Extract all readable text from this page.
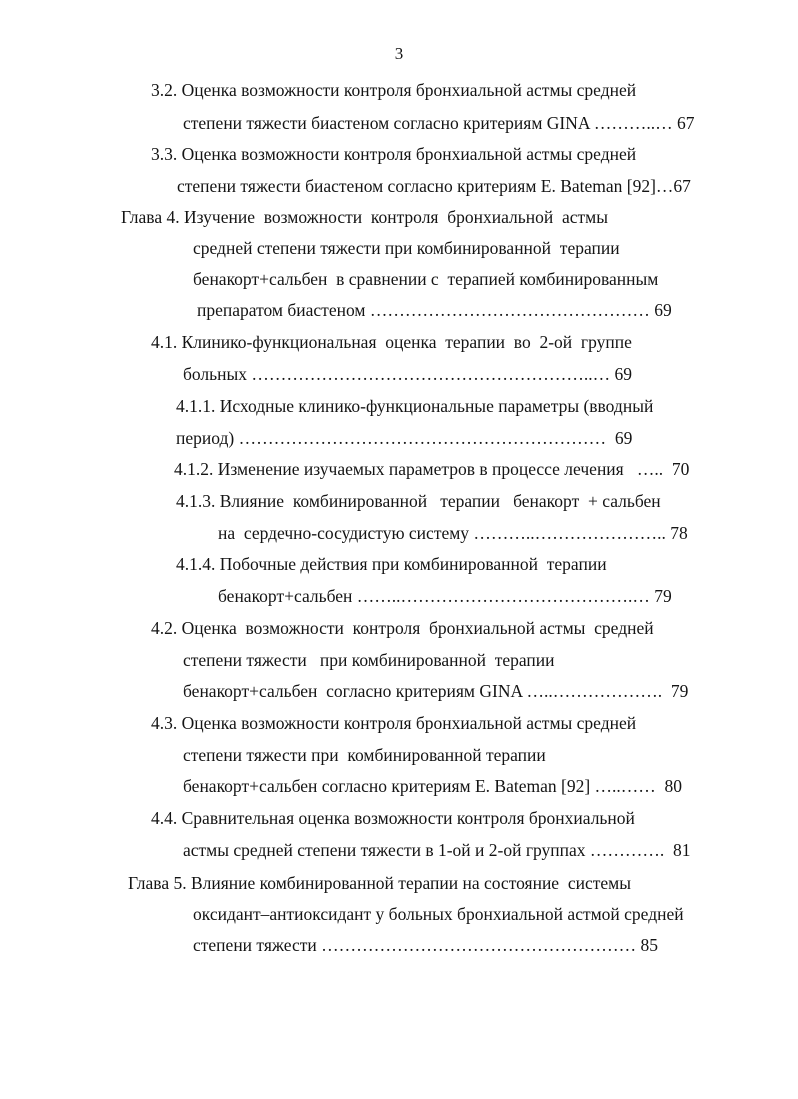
3
3.2. Оценка возможности контроля бронхиальной астмы средней
степени тяжести биастеном согласно критериям GINA ………..… 67
3.3. Оценка возможности контроля бронхиальной астмы средней
степени тяжести биастеном согласно критериям E. Bateman [92]…67
Глава 4. Изучение  возможности  контроля  бронхиальной  астмы
средней степени тяжести при комбинированной  терапии
бенакорт+сальбен  в сравнении с  терапией комбинированным
препаратом биастеном ………………………………………… 69
4.1. Клинико-функциональная  оценка  терапии  во  2-ой  группе
больных …………………………………………………..… 69
4.1.1. Исходные клинико-функциональные параметры (вводный
период) ………………………………………………………  69
4.1.2. Изменение изучаемых параметров в процессе лечения   …..  70
4.1.3. Влияние  комбинированной   терапии   бенакорт  + сальбен
на  сердечно-сосудистую систему ………..………………….. 78
4.1.4. Побочные действия при комбинированной  терапии
бенакорт+сальбен ……..………………………………….… 79
4.2. Оценка  возможности  контроля  бронхиальной астмы  средней
степени тяжести   при комбинированной  терапии
бенакорт+сальбен  согласно критериям GINA …..……………….  79
4.3. Оценка возможности контроля бронхиальной астмы средней
степени тяжести при  комбинированной терапии
бенакорт+сальбен согласно критериям E. Bateman [92] …..……  80
4.4. Сравнительная оценка возможности контроля бронхиальной
астмы средней степени тяжести в 1-ой и 2-ой группах ………….  81
Глава 5. Влияние комбинированной терапии на состояние  системы
оксидант–антиоксидант у больных бронхиальной астмой средней
степени тяжести ……………………………………………… 85
